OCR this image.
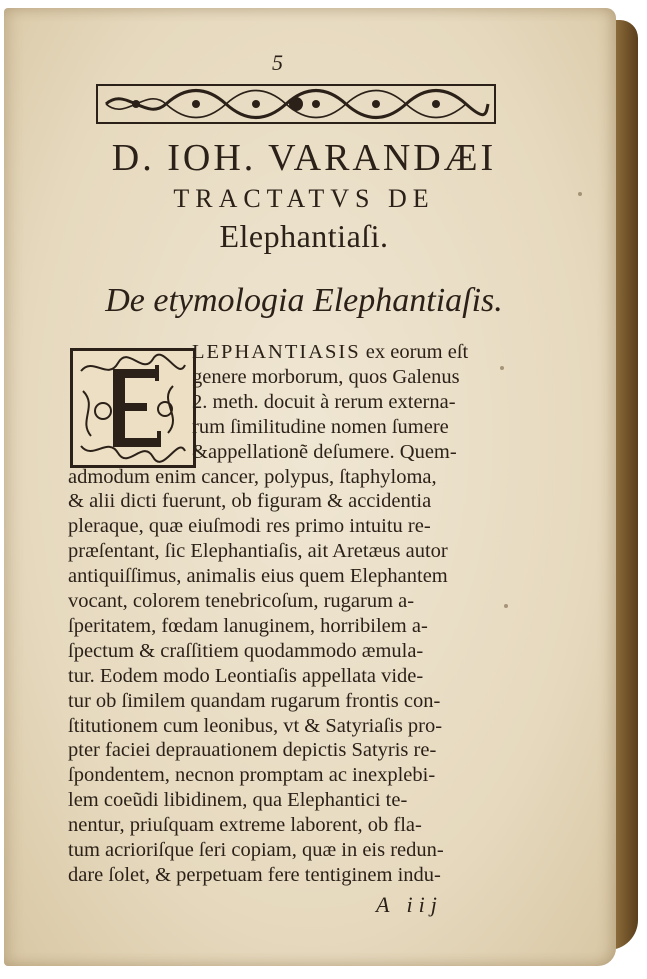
5
D. IOH. VARANDÆI
TRACTATVS DE
Elephantiaſi.
De etymologia Elephantiaſis.
LEPHANTIASIS ex eorum eſt
genere morborum, quos Galenus
2. meth. docuit à rerum externa-
rum ſimilitudine nomen ſumere
&appellationẽ deſumere. Quem-
admodum enim cancer, polypus, ſtaphyloma,
& alii dicti fuerunt, ob figuram & accidentia
pleraque, quæ eiuſmodi res primo intuitu re-
præſentant, ſic Elephantiaſis, ait Aretæus autor
antiquiſſimus, animalis eius quem Elephantem
vocant, colorem tenebricoſum, rugarum a-
ſperitatem, fœdam lanuginem, horribilem a-
ſpectum & craſſitiem quodammodo æmula-
tur. Eodem modo Leontiaſis appellata vide-
tur ob ſimilem quandam rugarum frontis con-
ſtitutionem cum leonibus, vt & Satyriaſis pro-
pter faciei deprauationem depictis Satyris re-
ſpondentem, necnon promptam ac inexplebi-
lem coeũdi libidinem, qua Elephantici te-
nentur, priuſquam extreme laborent, ob fla-
tum acrioriſque ſeri copiam, quæ in eis redun-
dare ſolet, & perpetuam fere tentiginem indu-
A iij
